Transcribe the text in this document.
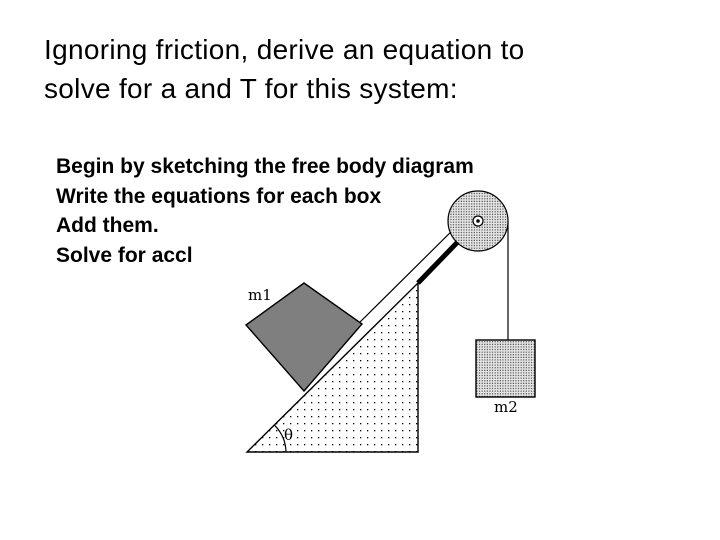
Ignoring friction, derive an equation to
solve for a and T for this system:
m1
m2
θ
Begin by sketching the free body diagram
Write the equations for each box
Add them.
Solve for accl
